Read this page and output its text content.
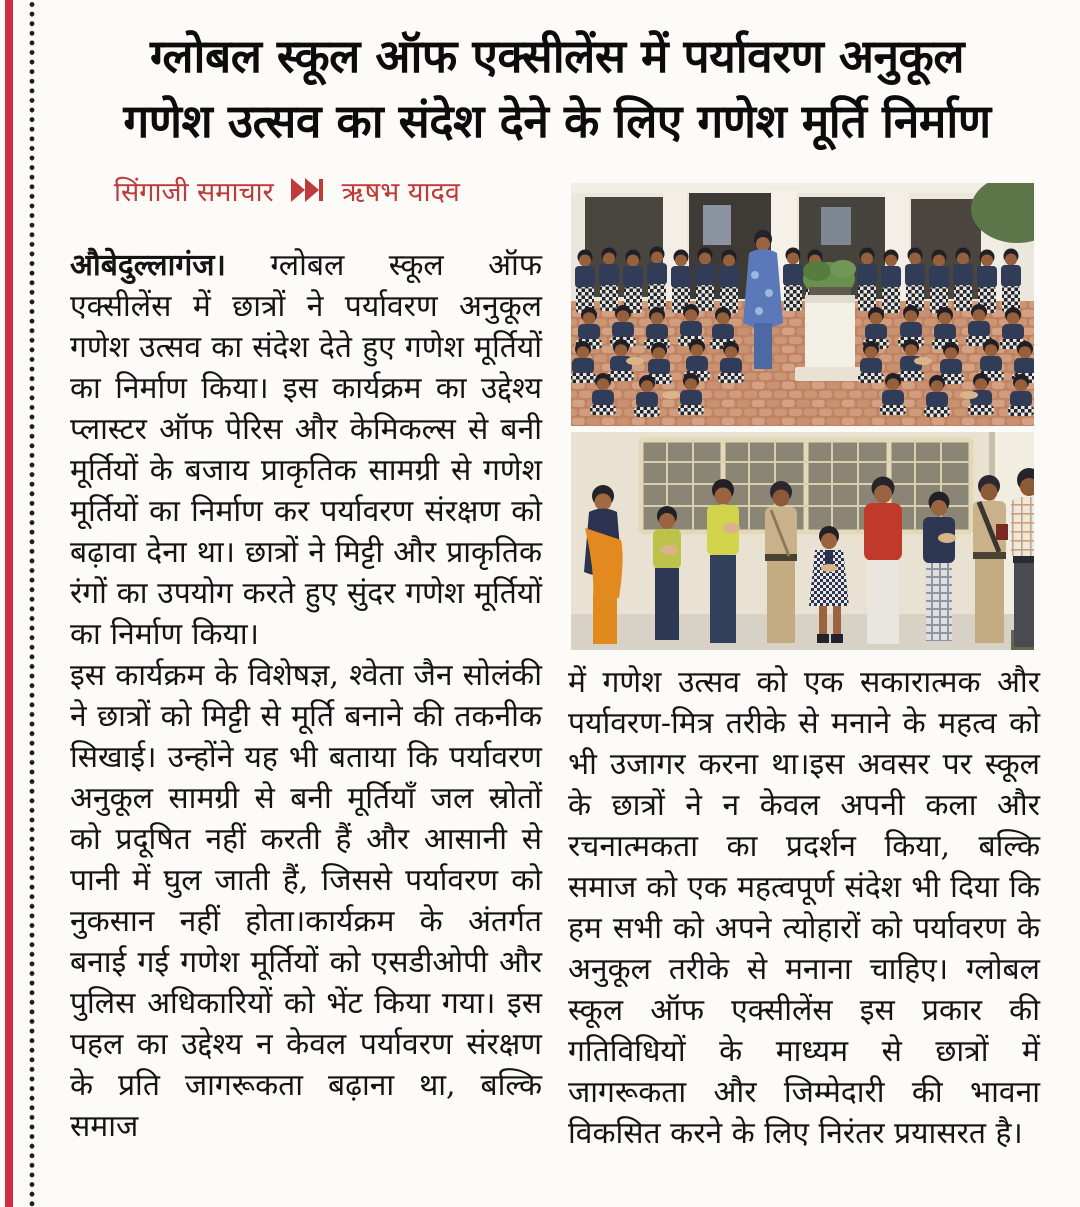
ग्लोबल स्कूल ऑफ एक्सीलेंस में पर्यावरण अनुकूल
गणेश उत्सव का संदेश देने के लिए गणेश मूर्ति निर्माण
सिंगाजी समाचार	ऋषभ यादव

औबेदुल्लागंज। ग्लोबल स्कूल ऑफ एक्सीलेंस में छात्रों ने पर्यावरण अनुकूल गणेश उत्सव का संदेश देते हुए गणेश मूर्तियों का निर्माण किया। इस कार्यक्रम का उद्देश्य प्लास्टर ऑफ पेरिस और केमिकल्स से बनी मूर्तियों के बजाय प्राकृतिक सामग्री से गणेश मूर्तियों का निर्माण कर पर्यावरण संरक्षण को बढ़ावा देना था। छात्रों ने मिट्टी और प्राकृतिक रंगों का उपयोग करते हुए सुंदर गणेश मूर्तियों का निर्माण किया।

इस कार्यक्रम के विशेषज्ञ, श्वेता जैन सोलंकी ने छात्रों को मिट्टी से मूर्ति बनाने की तकनीक सिखाई। उन्होंने यह भी बताया कि पर्यावरण अनुकूल सामग्री से बनी मूर्तियाँ जल स्रोतों को प्रदूषित नहीं करती हैं और आसानी से पानी में घुल जाती हैं, जिससे पर्यावरण को नुकसान नहीं होता।कार्यक्रम के अंतर्गत बनाई गई गणेश मूर्तियों को एसडीओपी और पुलिस अधिकारियों को भेंट किया गया। इस पहल का उद्देश्य न केवल पर्यावरण संरक्षण के प्रति जागरूकता बढ़ाना था, बल्कि समाज

में गणेश उत्सव को एक सकारात्मक और पर्यावरण-मित्र तरीके से मनाने के महत्व को भी उजागर करना था।इस अवसर पर स्कूल के छात्रों ने न केवल अपनी कला और रचनात्मकता का प्रदर्शन किया, बल्कि समाज को एक महत्वपूर्ण संदेश भी दिया कि हम सभी को अपने त्योहारों को पर्यावरण के अनुकूल तरीके से मनाना चाहिए। ग्लोबल स्कूल ऑफ एक्सीलेंस इस प्रकार की गतिविधियों के माध्यम से छात्रों में जागरूकता और जिम्मेदारी की भावना विकसित करने के लिए निरंतर प्रयासरत है।
